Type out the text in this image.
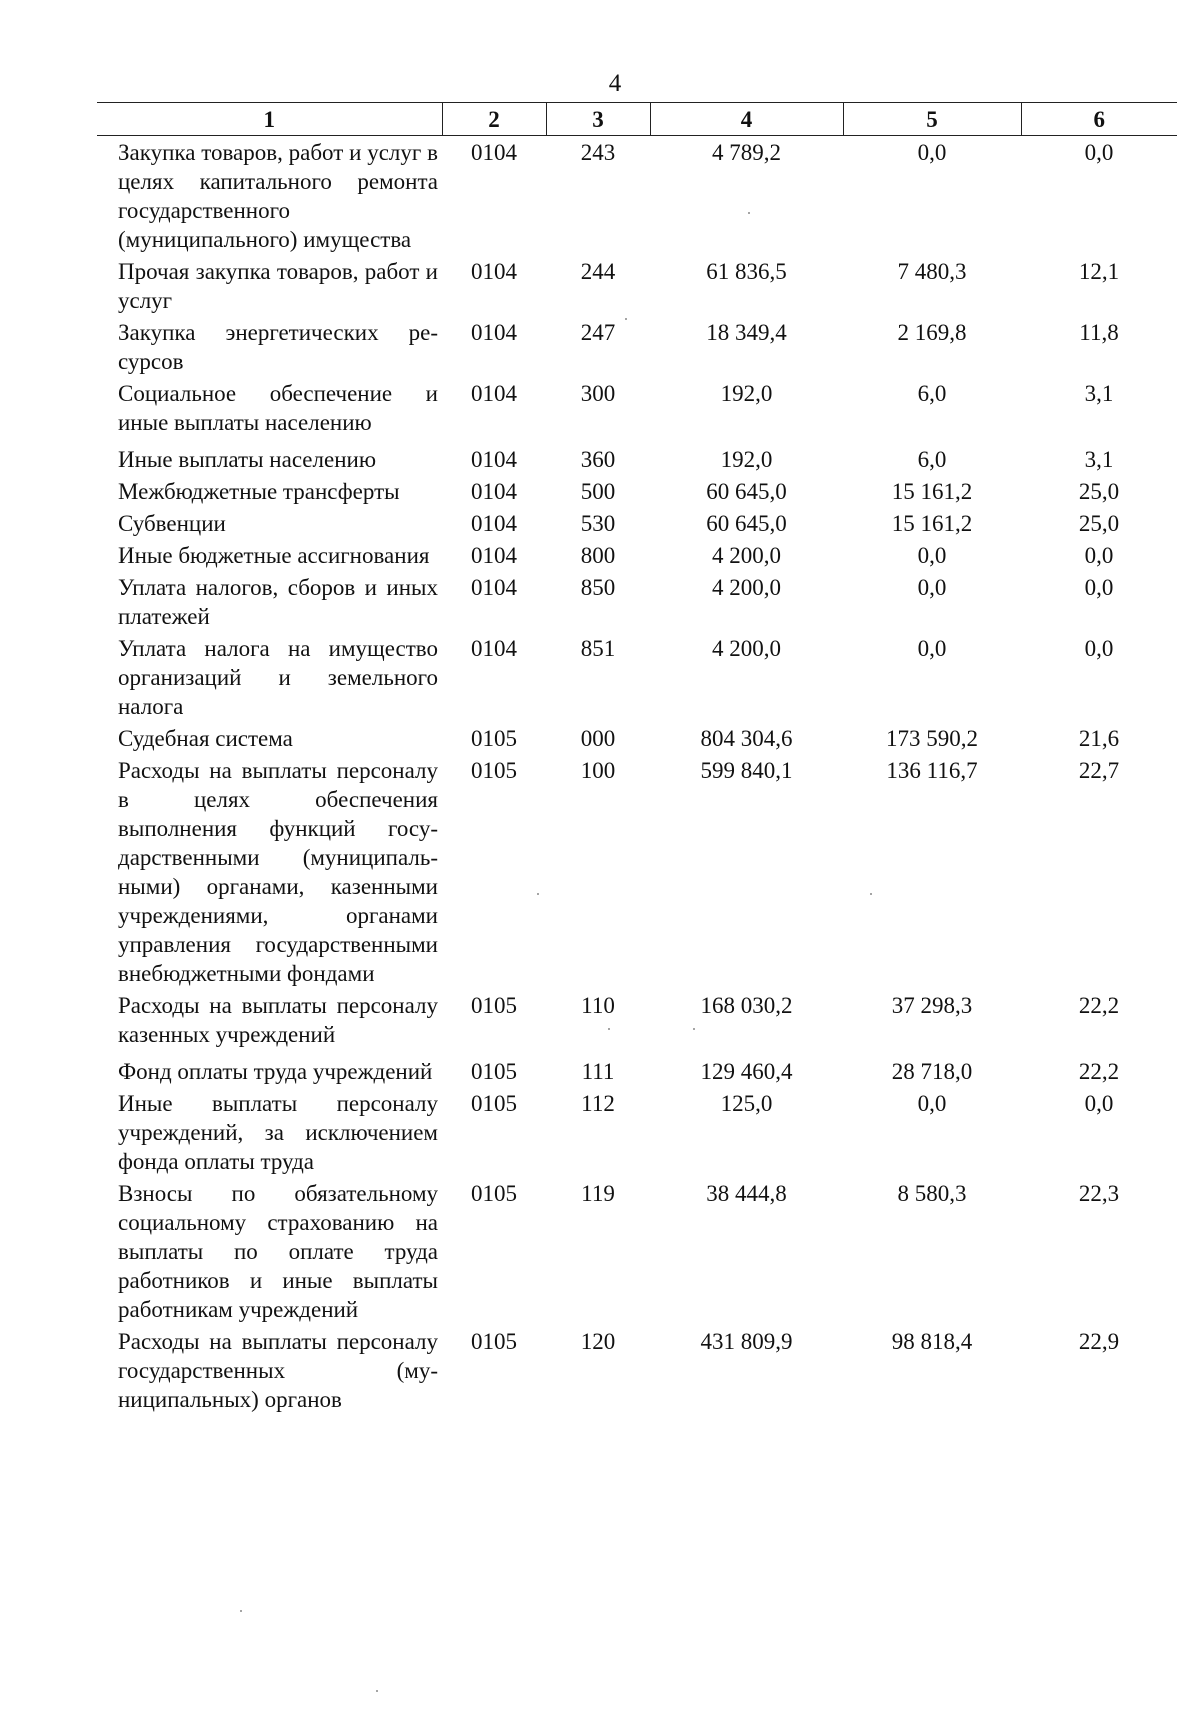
4
1	2	3	4	5	6
Закупка товаров, работ и услуг в целях капитального ремонта государственного (муниципального) имущества	0104	243	4 789,2	0,0	0,0
Прочая закупка товаров, работ и услуг	0104	244	61 836,5	7 480,3	12,1
Закупка энергетических ресурсов	0104	247	18 349,4	2 169,8	11,8
Социальное обеспечение и иные выплаты населению	0104	300	192,0	6,0	3,1
Иные выплаты населению	0104	360	192,0	6,0	3,1
Межбюджетные трансферты	0104	500	60 645,0	15 161,2	25,0
Субвенции	0104	530	60 645,0	15 161,2	25,0
Иные бюджетные ассигнования	0104	800	4 200,0	0,0	0,0
Уплата налогов, сборов и иных платежей	0104	850	4 200,0	0,0	0,0
Уплата налога на имущество организаций и земельного налога	0104	851	4 200,0	0,0	0,0
Судебная система	0105	000	804 304,6	173 590,2	21,6
Расходы на выплаты персоналу в целях обеспечения выполнения функций государственными (муниципальными) органами, казенными учреждениями, органами управления государственными внебюджетными фондами	0105	100	599 840,1	136 116,7	22,7
Расходы на выплаты персоналу казенных учреждений	0105	110	168 030,2	37 298,3	22,2
Фонд оплаты труда учреждений	0105	111	129 460,4	28 718,0	22,2
Иные выплаты персоналу учреждений, за исключением фонда оплаты труда	0105	112	125,0	0,0	0,0
Взносы по обязательному социальному страхованию на выплаты по оплате труда работников и иные выплаты работникам учреждений	0105	119	38 444,8	8 580,3	22,3
Расходы на выплаты персоналу государственных (муниципальных) органов	0105	120	431 809,9	98 818,4	22,9
